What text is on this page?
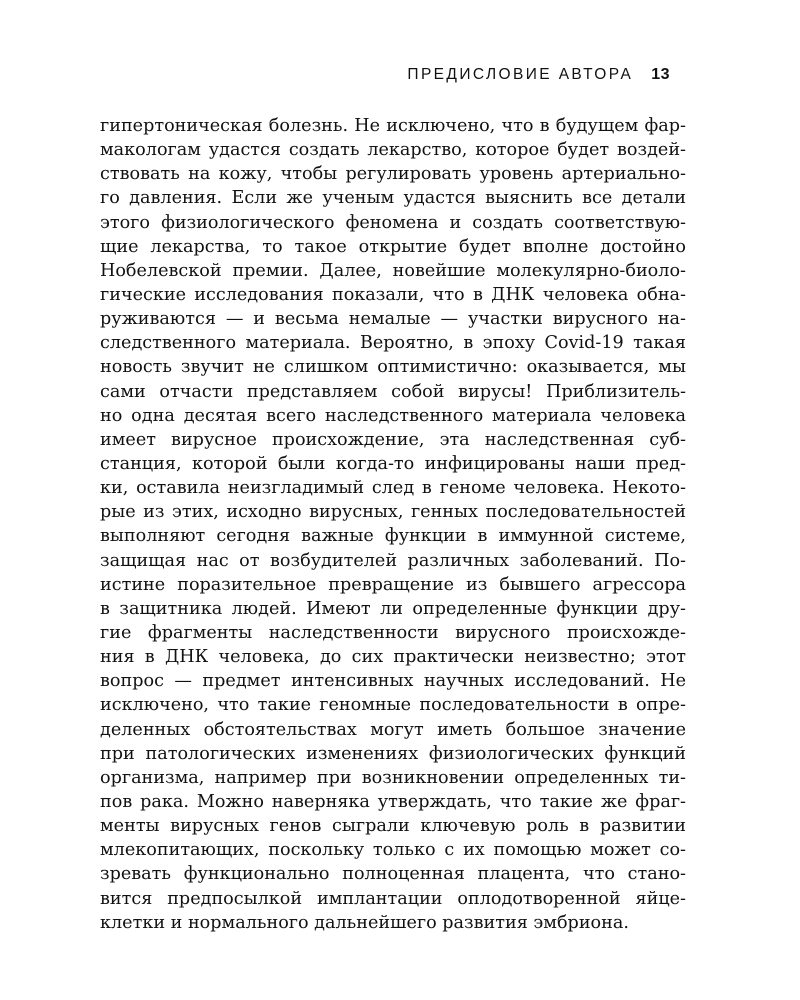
ПРЕДИСЛОВИЕ АВТОРА 13
гипертоническая болезнь. Не исключено, что в будущем фар-
макологам удастся создать лекарство, которое будет воздей-
ствовать на кожу, чтобы регулировать уровень артериально-
го давления. Если же ученым удастся выяснить все детали
этого физиологического феномена и создать соответствую-
щие лекарства, то такое открытие будет вполне достойно
Нобелевской премии. Далее, новейшие молекулярно-биоло-
гические исследования показали, что в ДНК человека обна-
руживаются — и весьма немалые — участки вирусного на-
следственного материала. Вероятно, в эпоху Covid-19 такая
новость звучит не слишком оптимистично: оказывается, мы
сами отчасти представляем собой вирусы! Приблизитель-
но одна десятая всего наследственного материала человека
имеет вирусное происхождение, эта наследственная суб-
станция, которой были когда-то инфицированы наши пред-
ки, оставила неизгладимый след в геноме человека. Некото-
рые из этих, исходно вирусных, генных последовательностей
выполняют сегодня важные функции в иммунной системе,
защищая нас от возбудителей различных заболеваний. По-
истине поразительное превращение из бывшего агрессора
в защитника людей. Имеют ли определенные функции дру-
гие фрагменты наследственности вирусного происхожде-
ния в ДНК человека, до сих практически неизвестно; этот
вопрос — предмет интенсивных научных исследований. Не
исключено, что такие геномные последовательности в опре-
деленных обстоятельствах могут иметь большое значение
при патологических изменениях физиологических функций
организма, например при возникновении определенных ти-
пов рака. Можно наверняка утверждать, что такие же фраг-
менты вирусных генов сыграли ключевую роль в развитии
млекопитающих, поскольку только с их помощью может со-
зревать функционально полноценная плацента, что стано-
вится предпосылкой имплантации оплодотворенной яйце-
клетки и нормального дальнейшего развития эмбриона.
